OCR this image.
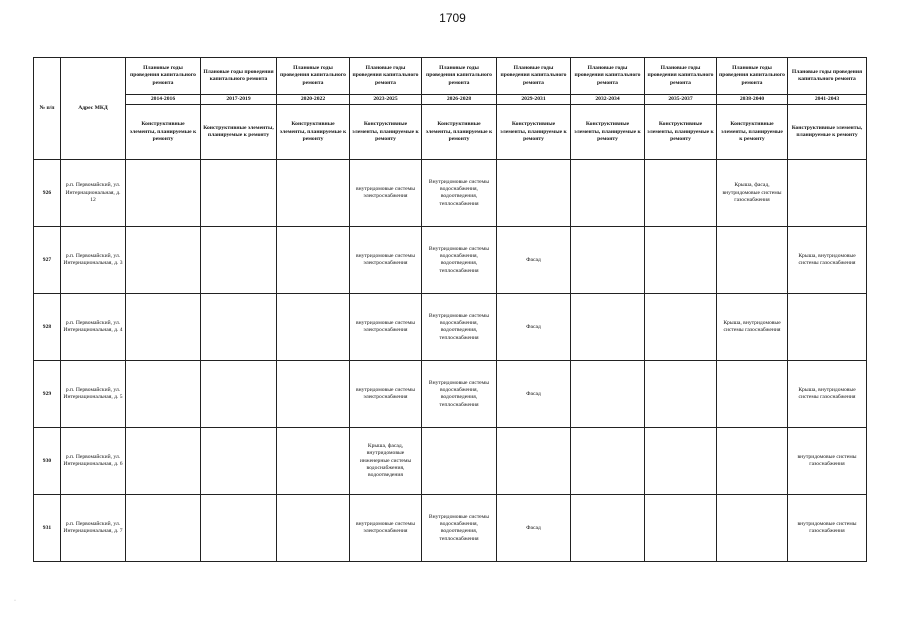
1709
№ п/п	Адрес МКД	Плановые годы проведения капитального ремонта	Плановые годы проведения капитального ремонта	Плановые годы проведения капитального ремонта	Плановые годы проведения капитального ремонта	Плановые годы проведения капитального ремонта	Плановые годы проведения капитального ремонта	Плановые годы проведения капитального ремонта	Плановые годы проведения капитального ремонта	Плановые годы проведения капитального ремонта	Плановые годы проведения капитального ремонта
		2014-2016	2017-2019	2020-2022	2023-2025	2026-2028	2029-2031	2032-2034	2035-2037	2038-2040	2041-2043
		Конструктивные элементы, планируемые к ремонту	Конструктивные элементы, планируемые к ремонту	Конструктивные элементы, планируемые к ремонту	Конструктивные элементы, планируемые к ремонту	Конструктивные элементы, планируемые к ремонту	Конструктивные элементы, планируемые к ремонту	Конструктивные элементы, планируемые к ремонту	Конструктивные элементы, планируемые к ремонту	Конструктивные элементы, планируемые к ремонту	Конструктивные элементы, планируемые к ремонту
926	р.п. Первомайский, ул. Интернациональная, д. 12				внутридомовые системы электроснабжения	Внутридомовые системы водоснабжения, водоотведения, теплоснабжения				Крыша, фасад, внутридомовые системы газоснабжения	
927	р.п. Первомайский, ул. Интернациональная, д. 3				внутридомовые системы электроснабжения	Внутридомовые системы водоснабжения, водоотведения, теплоснабжения	Фасад				Крыша, внутридомовые системы газоснабжения
928	р.п. Первомайский, ул. Интернациональная, д. 4				внутридомовые системы электроснабжения	Внутридомовые системы водоснабжения, водоотведения, теплоснабжения	Фасад			Крыша, внутридомовые системы газоснабжения	
929	р.п. Первомайский, ул. Интернациональная, д. 5				внутридомовые системы электроснабжения	Внутридомовые системы водоснабжения, водоотведения, теплоснабжения	Фасад				Крыша, внутридомовые системы газоснабжения
930	р.п. Первомайский, ул. Интернациональная, д. 6				Крыша, фасад, внутридомовые инженерные системы водоснабжения, водоотведения						внутридомовые системы газоснабжения
931	р.п. Первомайский, ул. Интернациональная, д. 7				внутридомовые системы электроснабжения	Внутридомовые системы водоснабжения, водоотведения, теплоснабжения	Фасад				внутридомовые системы газоснабжения
·
